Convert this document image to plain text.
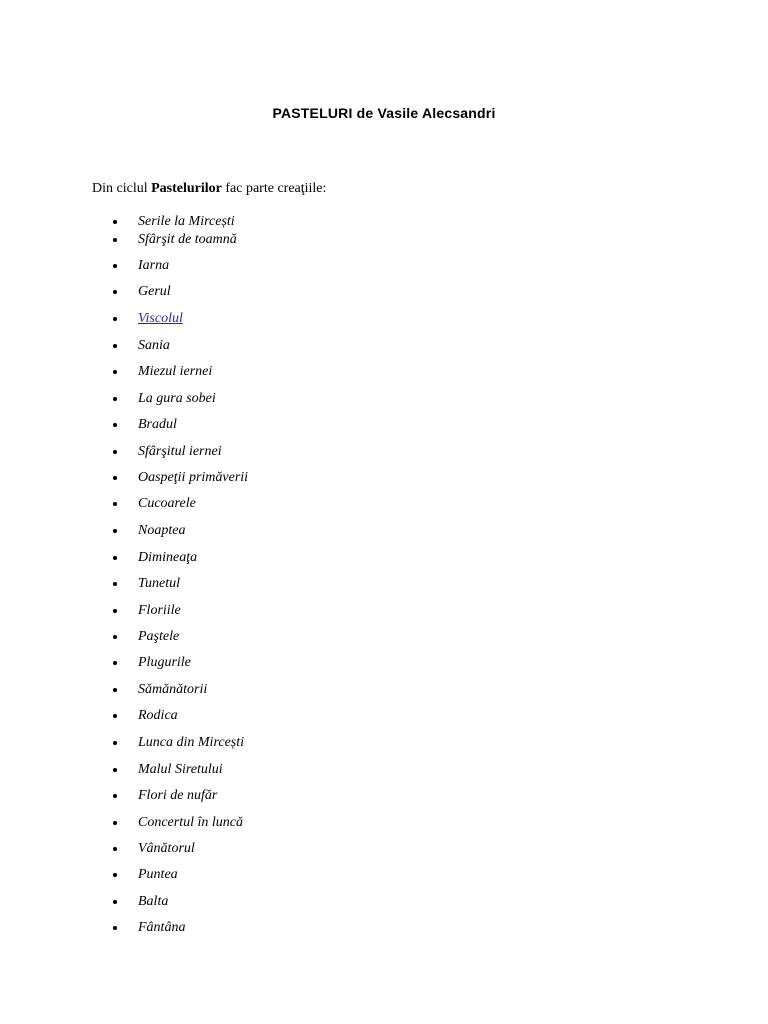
PASTELURI de Vasile Alecsandri
Din ciclul Pastelurilor fac parte creaţiile:
Serile la Mircești
Sfârşit de toamnă
Iarna
Gerul
Viscolul
Sania
Miezul iernei
La gura sobei
Bradul
Sfârşitul iernei
Oaspeţii primăverii
Cucoarele
Noaptea
Dimineaţa
Tunetul
Floriile
Paştele
Plugurile
Sămănătorii
Rodica
Lunca din Mircești
Malul Siretului
Flori de nufăr
Concertul în luncă
Vânătorul
Puntea
Balta
Fântâna
